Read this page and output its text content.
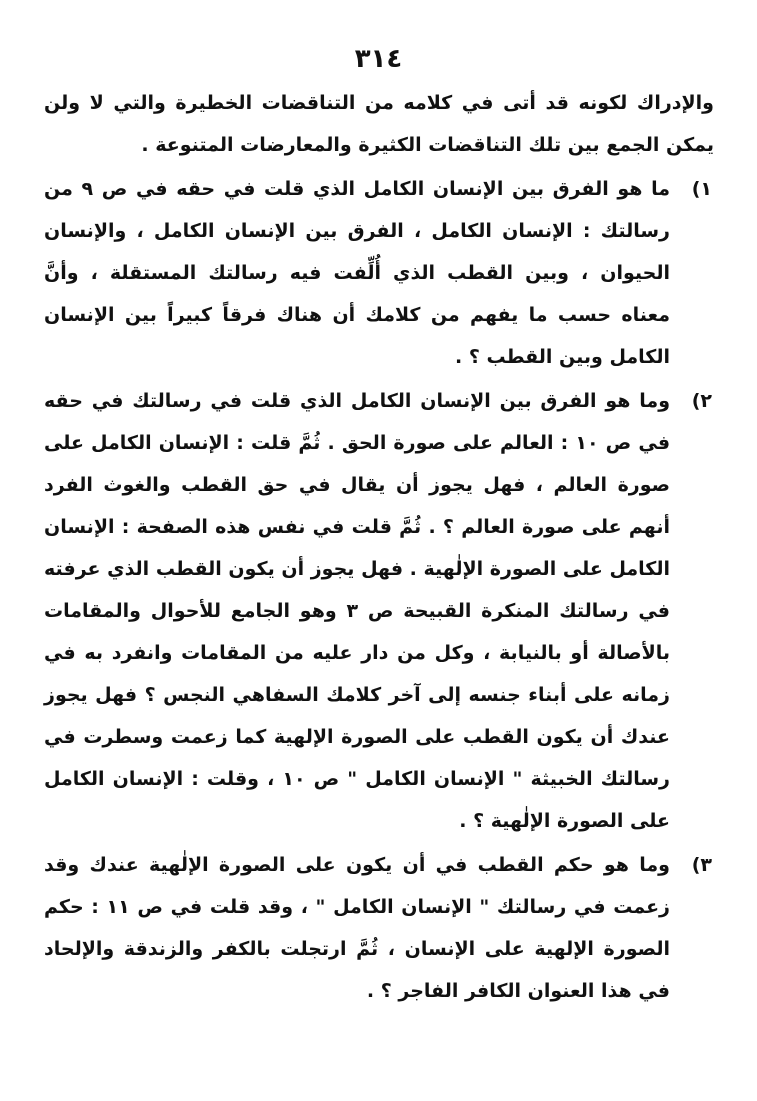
٣١٤

والإدراك لكونه قد أتى في كلامه من التناقضات الخطيرة والتي لا ولن يمكن الجمع بين تلك التناقضات الكثيرة والمعارضات المتنوعة .

١)
ما هو الفرق بين الإنسان الكامل الذي قلت في حقه في ص ٩ من رسالتك : الإنسان الكامل ، الفرق بين الإنسان الكامل ، والإنسان الحيوان ، وبين القطب الذي أُلِّفت فيه رسالتك المستقلة ، وأنَّ معناه حسب ما يفهم من كلامك أن هناك فرقاً كبيراً بين الإنسان الكامل وبين القطب ؟ .
٢)
وما هو الفرق بين الإنسان الكامل الذي قلت في رسالتك في حقه في ص ١٠ : العالم على صورة الحق . ثُمَّ قلت : الإنسان الكامل على صورة العالم ، فهل يجوز أن يقال في حق القطب والغوث الفرد أنهم على صورة العالم ؟ . ثُمَّ قلت في نفس هذه الصفحة : الإنسان الكامل على الصورة الإلٰهية . فهل يجوز أن يكون القطب الذي عرفته في رسالتك المنكرة القبيحة ص ٣ وهو الجامع للأحوال والمقامات بالأصالة أو بالنيابة ، وكل من دار عليه من المقامات وانفرد به في زمانه على أبناء جنسه إلى آخر كلامك السفاهي النجس ؟ فهل يجوز عندك أن يكون القطب على الصورة الإلهية كما زعمت وسطرت في رسالتك الخبيثة " الإنسان الكامل " ص ١٠ ، وقلت : الإنسان الكامل على الصورة الإلٰهية ؟ .
٣)
وما هو حكم القطب في أن يكون على الصورة الإلٰهية عندك وقد زعمت في رسالتك " الإنسان الكامل " ، وقد قلت في ص ١١ : حكم الصورة الإلهية على الإنسان ، ثُمَّ ارتجلت بالكفر والزندقة والإلحاد في هذا العنوان الكافر الفاجر ؟ .
